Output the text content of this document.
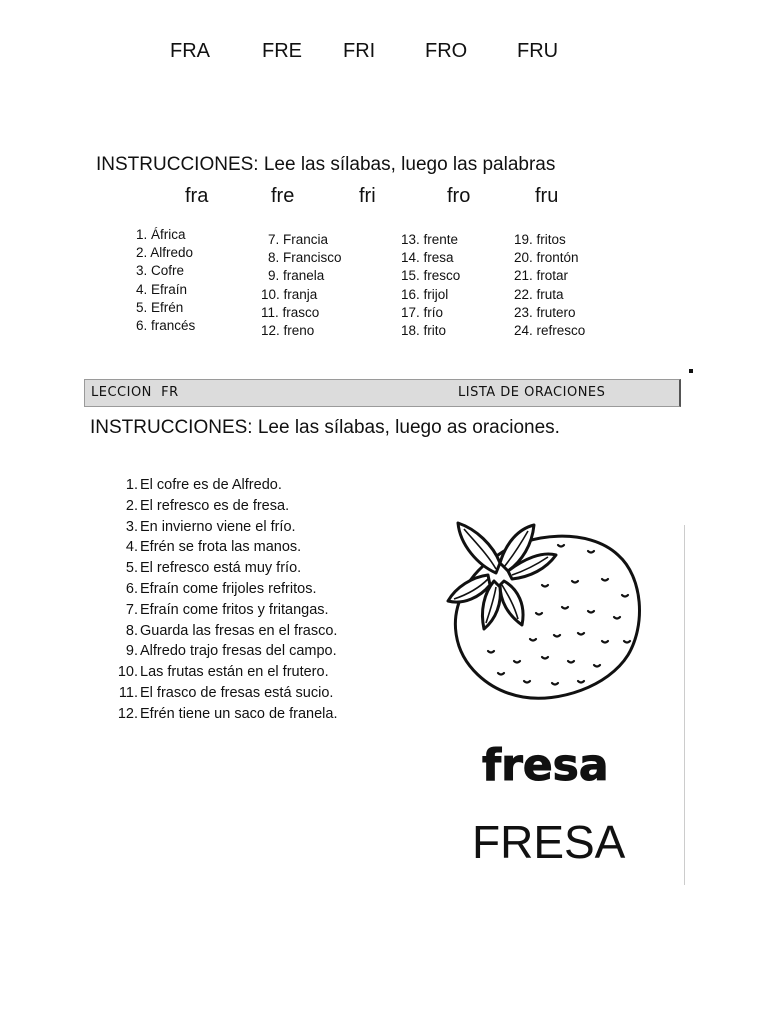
FRA	FRE FRI FRO FRU
INSTRUCCIONES: Lee las sílabas, luego las palabras
fra	fre	fri	fro	fru
1. África
2. Alfredo
3. Cofre
4. Efraín
5. Efrén
6. francés
7. Francia
8. Francisco
9. franela
10. franja
11. frasco
12. freno
13. frente
14. fresa
15. fresco
16. frijol
17. frío
18. frito
19. fritos
20. frontón
21. frotar
22. fruta
23. frutero
24. refresco
LECCION  FR	LISTA DE ORACIONES
INSTRUCCIONES: Lee las sílabas, luego as oraciones.
1. El cofre es de Alfredo.
2. El refresco es de fresa.
3. En invierno viene el frío.
4. Efrén se frota las manos.
5. El refresco está muy frío.
6. Efraín come frijoles refritos.
7. Efraín come fritos y fritangas.
8. Guarda las fresas en el frasco.
9. Alfredo trajo fresas del campo.
10. Las frutas están en el frutero.
11. El frasco de fresas está sucio.
12. Efrén tiene un saco de franela.
fresa
FRESA
